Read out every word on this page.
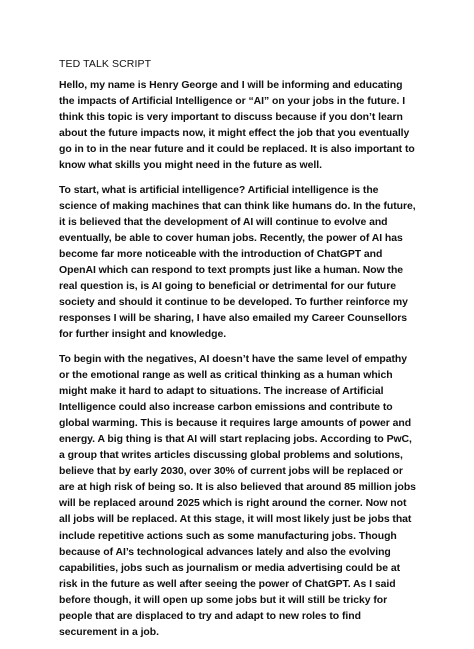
TED TALK SCRIPT

Hello, my name is Henry George and I will be informing and educating the impacts of Artificial Intelligence or “AI” on your jobs in the future. I think this topic is very important to discuss because if you don’t learn about the future impacts now, it might effect the job that you eventually go in to in the near future and it could be replaced. It is also important to know what skills you might need in the future as well.

To start, what is artificial intelligence? Artificial intelligence is the science of making machines that can think like humans do. In the future, it is believed that the development of AI will continue to evolve and eventually, be able to cover human jobs. Recently, the power of AI has become far more noticeable with the introduction of ChatGPT and OpenAI which can respond to text prompts just like a human. Now the real question is, is AI going to beneficial or detrimental for our future society and should it continue to be developed. To further reinforce my responses I will be sharing, I have also emailed my Career Counsellors for further insight and knowledge.

To begin with the negatives, AI doesn’t have the same level of empathy or the emotional range as well as critical thinking as a human which might make it hard to adapt to situations. The increase of Artificial Intelligence could also increase carbon emissions and contribute to global warming. This is because it requires large amounts of power and energy. A big thing is that AI will start replacing jobs. According to PwC, a group that writes articles discussing global problems and solutions, believe that by early 2030, over 30% of current jobs will be replaced or are at high risk of being so. It is also believed that around 85 million jobs will be replaced around 2025 which is right around the corner. Now not all jobs will be replaced. At this stage, it will most likely just be jobs that include repetitive actions such as some manufacturing jobs. Though because of AI’s technological advances lately and also the evolving capabilities, jobs such as journalism or media advertising could be at risk in the future as well after seeing the power of ChatGPT. As I said before though, it will open up some jobs but it will still be tricky for people that are displaced to try and adapt to new roles to find securement in a job.
